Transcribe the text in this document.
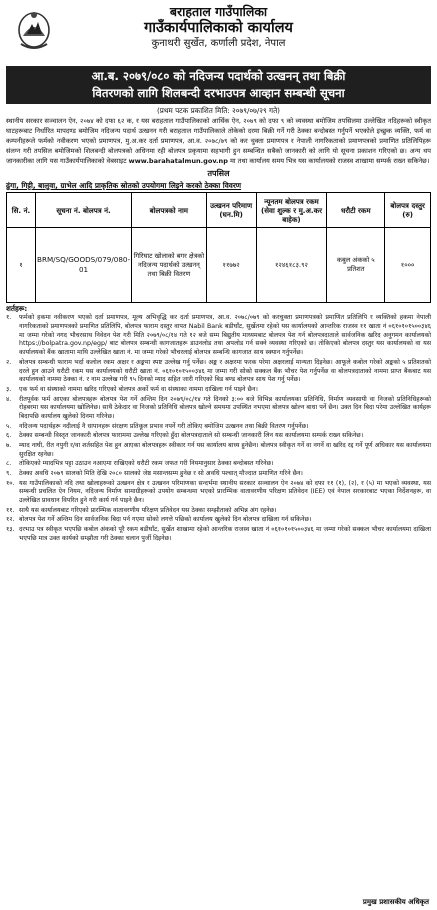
बराहताल गाउँपालिका
गाउँकार्यपालिकाको कार्यालय
कुनाथरी सुर्खेत, कर्णाली प्रदेश, नेपाल
आ.ब. २०७९/०८० को नदिजन्य पदार्थको उत्खनन् तथा बिक्री
वितरणको लागि शिलबन्दी दरभाउपत्र आव्हान सम्बन्धी सूचना
(प्रथम पटक प्रकाशित मिति: २०७९/०७/२९ गते)

स्थानीय सरकार सञ्चालन ऐन, २०७४ को दफा ६२ क, र यस बराहताल गाउँपालिकाको आर्थिक ऐन, २०७९ को दफा ९ को व्यवस्था बमोजिम तपसिलमा उल्लेखित नदिहरूको स्वीकृत घाटहरूबाट निर्धारित मापदण्ड बमोजिम नदिजन्य पदार्थ उत्खनन गरी बराहताल गाउँपालिकाले तोकेको दरमा बिक्री गर्ने गरी ठेक्का बन्दोबस्त गर्नुपर्ने भएकोले इच्छुक व्यक्ति, फर्म वा कम्पनीहरूले फर्मको नवीकरण भएको प्रमाणपत्र, मु.अ.कर दर्ता प्रमाणपत्र, आ.व. २०७८/७९ को कर चुक्ता प्रमाणपत्र र नेपाली नागरिकताको प्रमाणपत्रको प्रमाणित प्रतिलिपिहरू संलग्न गरी तपसिल बमोजिमको शिलबन्दी बोलपत्रको अधिनमा रही बोलपत्र प्रकृयामा सहभागी हुन सम्बन्धित सबैको जानकारी को लागि यो सूचना प्रकाशन गरिएको छ। अन्य थप जानकारीका लागि यस गाउँकार्यपालिकाको वेबसाइट www.barahatalmun.gov.np मा तथा कार्यालय समय भित्र यस कार्यालयको राजस्व शाखामा सम्पर्क राख्न सकिनेछ।

तपसिल
ढुंगा, गिट्टी, बालुवा, ग्राभेल आदि प्राकृतिक स्रोतको उपयोगमा लिइने करको ठेक्का विवरण
सि. नं.	सूचना नं. बोलपत्र नं.	बोलपत्रको नाम	उत्खनन परिमाण (घन.मि)	न्यूनतम बोलपत्र रकम (सेवा शुल्क र मु.अ.कर बाहेक)	धरौटी रकम	बोलपत्र दस्तुर (रु)
१	BRM/SQ/GOODS/079/080-01	गिरिघाट खोलाको बगर क्षेत्रको नदिजन्य पदार्थको उत्खनन् तथा बिक्री वितरण	११७७२	१२४६१८३.९२	कबुल अंकको ५ प्रतिशत	१०००
शर्तहरू:
१.	फर्मको हकमा नवीकरण भएको दर्ता प्रमाणपत्र, मूल्य अभिवृद्धि कर दर्ता प्रमाणपत्र, आ.व. २०७८/०७९ को करचुक्ता प्रमाणपत्रको प्रमाणित प्रतिलिपि र व्यक्तिको हकमा नेपाली नागरिकताको प्रमाणपत्रको प्रमाणित प्रतिलिपि, बोलपत्र फाराम दस्तुर वापत Nabil Bank बडीघाँट, सुर्खेतमा रहेको यस कार्यालयको आन्तरिक राजस्व ११ खाता नं ०६१०१०१५००३४६ मा जम्मा गरेको नगद भौचरसाथ निवेदन पेश गरी मिति २०७९/०८/१४ गते १२ बजे सम्म बिद्युतीय माध्यमबाट बोलपत्र पेश गर्न बोलपत्रदाताले सार्वजनिक खरिद अनुगमन कार्यालयको https://bolpatra.gov.np/egp/ बाट बोलपत्र सम्बन्धी कागजातहरू डाउनलोड तथा अपलोड गर्न सक्ने व्यवस्था गरिएको छ। तोकिएको बोलपत्र दस्तुर यस कार्यालयको वा यस कार्यालयको बैंक खातामा माथि उल्लेखित खाता नं. मा जम्मा गरेको भौचरलाई बोलपत्र सम्बन्धि कागजात साथ स्क्यान गर्नुपर्नेछ।
२.	बोलपत्र सम्बन्धी फाराम भर्दा कलोल रकम अक्षर र अङ्कमा स्पष्ट उल्लेख गर्नु पर्नेछ। अङ्क र अक्षरमा फरक परेमा अक्षरलाई मान्यता दिइनेछ। आफूले कबोल गरेको अङ्कको ५ प्रतिशतको दरले हुन आउने धरौटी रकम यस कार्यालयको धरौटी खाता नं. ०६१०१०१५००३४६ मा जम्मा गरी सोको सक्कल बैंक भौचर पेश गर्नुपर्नेछ वा बोलपत्रदाताको नाममा प्राप्त बैंकबाट यस कार्यालयको नाममा ठेक्का नं. र नाम उल्लेख गरी ९५ दिनको म्याद सहित जारी गरिएको बिड बण्ड बोलपत्र साथ पेश गर्नु पर्नेछ।
३.	एक फर्म वा संस्थाको नाममा खरिद गरिएको बोलपत्र अर्को फर्म वा संस्थाका नाममा दाखिला गर्न पाइने छैन।
४.	रीतपूर्वक फर्म आएका बोलपत्रहरू बोलपत्र पेश गर्ने अन्तिम दिन २०७९/०८/१४ गते दिनको ३:०० बजे विभिन्न कार्यालयका प्रतिनिधि, निर्माण व्यवसायी वा निजको प्रतिनिधिहरूको रोहबरमा यस कार्यालयमा खोलिनेछ। साथै ठेकेदार वा निजको प्रतिनिधि बोलपत्र खोल्ने समयमा उपस्थित नभएमा बोलपत्र खोल्न बाधा पर्ने छैन। उक्त दिन बिदा परेमा उल्लेखित कार्यहरू बिदापछि कार्यालय खुलेको दिनमा गरिनेछ।
५.	नदिजन्य पदार्थहरू नदीलाई नै धापानहरू संरक्षण प्रतिकूल प्रभाव नपर्ने गरी तोकिए बमोजिम उत्खनन तथा बिक्री वितरण गर्नुपर्नेछ।
६.	ठेक्का सम्बन्धी विस्तृत जानकारी बोलपत्र फाराममा उल्लेख गरिएको हुँदा बोलपत्रदाताले सो सम्बन्धी जानकारी लिन यस कार्यालयमा सम्पर्क राख्न सकिनेछ।
७.	म्याद नाघी, रीत नपुगी र/वा शर्तसहित पेश हुन आएका बोलपत्रहरू स्वीकार गर्न यस कार्यालय बाध्य हुनेछैन। बोलपत्र स्वीकृत गर्ने वा नगर्ने वा खरिद रद्द गर्ने पूर्ण अधिकार यस कार्यालयमा सुरक्षित रहनेछ।
८.	तोकिएको म्यादभित्र पट्टा उठाउन नआएमा राखिएको धरौटी रकम जफत गरी नियमानुसार ठेक्का बन्दोबस्त गरिनेछ।
९.	ठेक्का अवधि २०७९ सालको मिति देखि २०८० सालको जेष्ठ मसान्तसम्म हुनेछ र सो अवधि पश्चात् मौज्दात प्रमाणित गरिने छैन।
१०. यस गाउँपालिकाको नदि तथा खोलाहरूको उत्खनन क्षेत्र र उत्खनन परिमाणका सन्दर्भमा स्थानीय सरकार सञ्चालन ऐन २०७४ को दफा ११ (१), (२), र (५) मा भएको व्यवस्था, यस सम्बन्धी प्रचलित ऐन नियम, नदिजन्य निर्माण सामाग्रीहरूको उपयोग सम्बन्धमा भएको प्रारम्भिक वातावरणीय परिक्षण प्रतिवेदन (IEE) एवं नेपाल सरकारबाट भएका निर्देशनहरू, वा उल्लेखित प्रावधान विपरित हुने गरी कार्य गर्न पाइने छैन।
११. साथै यस कार्यालयबाट गरिएको प्रारम्भिक वातावरणीय परिक्षण प्रतिवेदन यस ठेक्का सम्झौताको अभिन्न अंग रहनेछ।
१२. बोलपत्र पेश गर्ने अन्तिम दिन सार्वजनिक बिदा पर्न गएमा सोको लगत्ते पछिको कार्यालय खुलेको दिन बोलपत्र दाखिला गर्न सकिनेछ।
१३. दरभाउ पत्र स्वीकृत भएपछि कबोल अंकको पूरै रकम बडीघाँट, सुर्खेत शाखामा रहेको आन्तरिक राजस्व खाता नं ०६१०१०१५००३४६ मा जम्मा गरेको सक्कल भौचर कार्यालयमा दाखिला भएपछि मात्र उक्त कार्यको सम्झौता गरी ठेक्का चलान पुर्जी दिइनेछ।
प्रमुख प्रशासकीय अधिकृत
